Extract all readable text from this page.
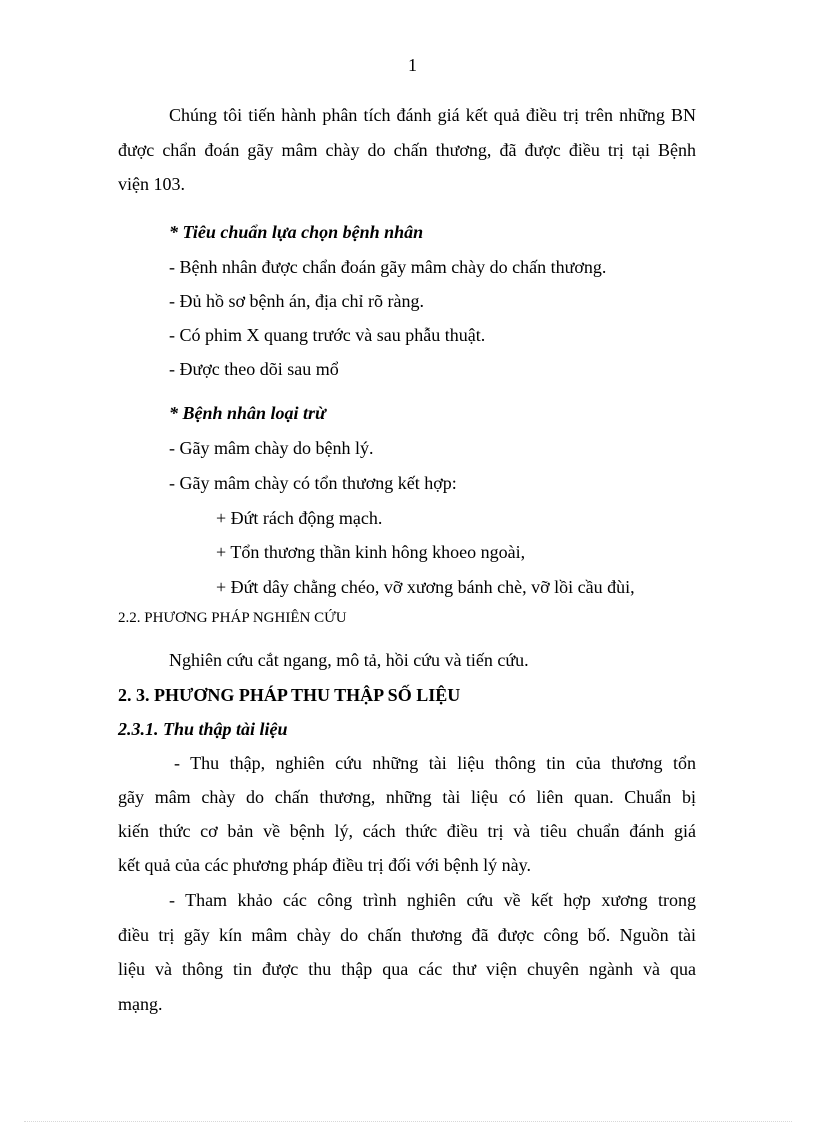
1
Chúng tôi tiến hành phân tích đánh giá kết quả điều trị trên những BN
được chẩn đoán gãy mâm chày do chấn thương, đã được điều trị tại Bệnh
viện 103.
* Tiêu chuẩn lựa chọn bệnh nhân
- Bệnh nhân được chẩn đoán gãy mâm chày do chấn thương.
- Đủ hồ sơ bệnh án, địa chỉ rõ ràng.
- Có phim X quang trước và sau phẫu thuật.
- Được theo dõi sau mổ
* Bệnh nhân loại trừ
- Gãy mâm chày do bệnh lý.
- Gãy mâm chày có tổn thương kết hợp:
+ Đứt rách động mạch.
+ Tổn thương thần kinh hông khoeo ngoài,
+ Đứt dây chằng chéo, vỡ xương bánh chè, vỡ lồi cầu đùi,
2.2. PHƯƠNG PHÁP NGHIÊN CỨU
Nghiên cứu cắt ngang, mô tả, hồi cứu và tiến cứu.
2. 3. PHƯƠNG PHÁP THU THẬP SỐ LIỆU
2.3.1. Thu thập tài liệu
- Thu thập, nghiên cứu những tài liệu thông tin của thương tổn
gãy mâm chày do chấn thương, những tài liệu có liên quan. Chuẩn bị
kiến thức cơ bản về bệnh lý, cách thức điều trị và tiêu chuẩn đánh giá
kết quả của các phương pháp điều trị đối với bệnh lý này.
- Tham khảo các công trình nghiên cứu về kết hợp xương trong
điều trị gãy kín mâm chày do chấn thương đã được công bố. Nguồn tài
liệu và thông tin được thu thập qua các thư viện chuyên ngành và qua
mạng.
